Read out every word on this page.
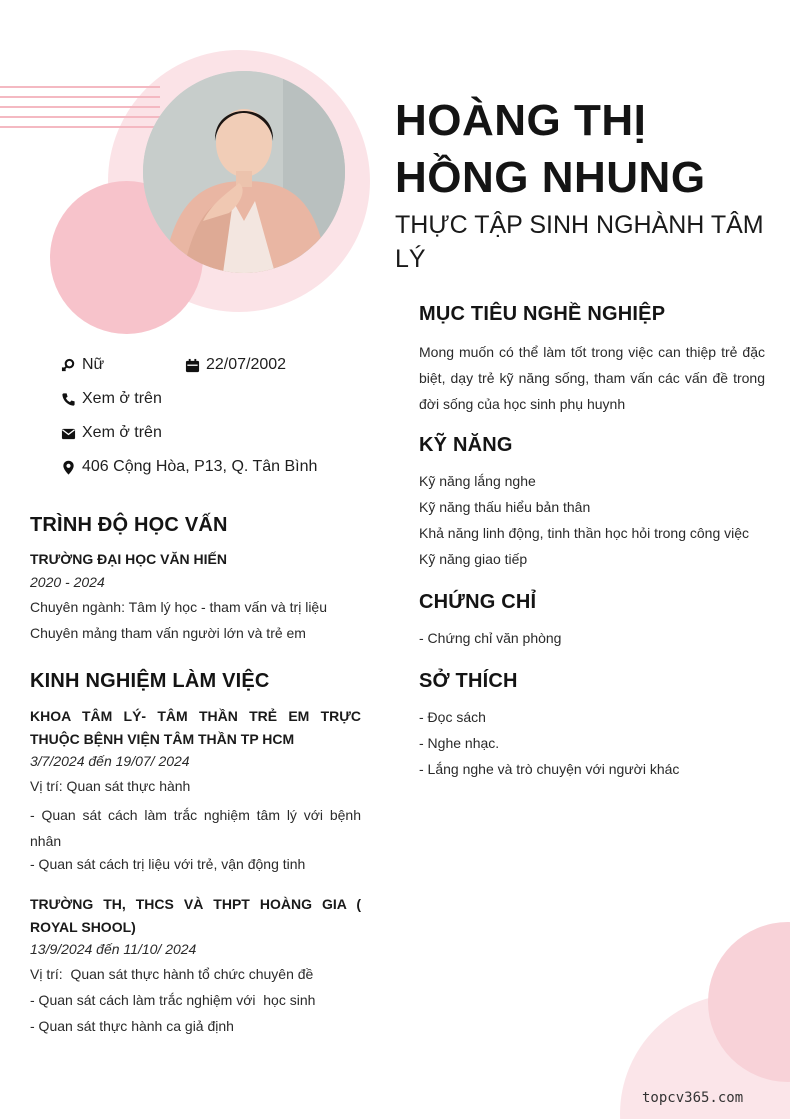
HOÀNG THỊ
HỒNG NHUNG
THỰC TẬP SINH NGHÀNH TÂM LÝ
Nữ	22/07/2002
Xem ở trên
Xem ở trên
406 Cộng Hòa, P13, Q. Tân Bình
TRÌNH ĐỘ HỌC VẤN
TRƯỜNG ĐẠI HỌC VĂN HIẾN
2020 - 2024
Chuyên ngành: Tâm lý học - tham vấn và trị liệu
Chuyên mảng tham vấn người lớn và trẻ em
KINH NGHIỆM LÀM VIỆC
KHOA TÂM LÝ- TÂM THẦN TRẺ EM TRỰC THUỘC BỆNH VIỆN TÂM THẦN TP HCM
3/7/2024 đến 19/07/ 2024
Vị trí: Quan sát thực hành
- Quan sát cách làm trắc nghiệm tâm lý với bệnh nhân
- Quan sát cách trị liệu với trẻ, vận động tinh
TRƯỜNG TH, THCS VÀ THPT HOÀNG GIA ( ROYAL SHOOL)
13/9/2024 đến 11/10/ 2024
Vị trí:  Quan sát thực hành tổ chức chuyên đề
- Quan sát cách làm trắc nghiệm với  học sinh
- Quan sát thực hành ca giả định
MỤC TIÊU NGHỀ NGHIỆP
Mong muốn có thể làm tốt trong việc can thiệp trẻ đặc biệt, dạy trẻ kỹ năng sống, tham vấn các vấn đề trong đời sống của học sinh phụ huynh
KỸ NĂNG
Kỹ năng lắng nghe
Kỹ năng thấu hiểu bản thân
Khả năng linh động, tinh thần học hỏi trong công việc
Kỹ năng giao tiếp
CHỨNG CHỈ
- Chứng chỉ văn phòng
SỞ THÍCH
- Đọc sách
- Nghe nhạc.
- Lắng nghe và trò chuyện với người khác
topcv365.com
